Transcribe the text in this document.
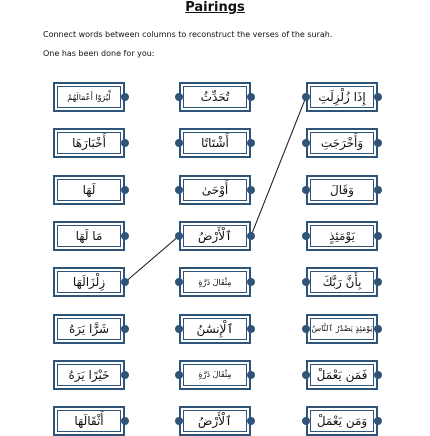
Pairings
Connect words between columns to reconstruct the verses of the surah.
One has been done for you:
لِّيُرَوْا أَعْمَالَهُمْ
أَخْبَارَهَا
لَهَا
مَا لَهَا
زِلْزَالَهَا
شَرًّا يَرَهُ
خَيْرًا يَرَهُ
أَثْقَالَهَا
تُحَدِّثُ
أَشْتَاتًا
أَوْحَىٰ
ٱلْأَرْضُ
مِثْقَالَ ذَرَّةٍ
ٱلْإِنسَٰنُ
مِثْقَالَ ذَرَّةٍ
ٱلْأَرْضُ
إِذَا زُلْزِلَتِ
وَأَخْرَجَتِ
وَقَالَ
يَوْمَئِذٍ
بِأَنَّ رَبَّكَ
يَوْمَئِذٍ يَصْدُرُ ٱلنَّاسُ
فَمَن يَعْمَلْ
وَمَن يَعْمَلْ
